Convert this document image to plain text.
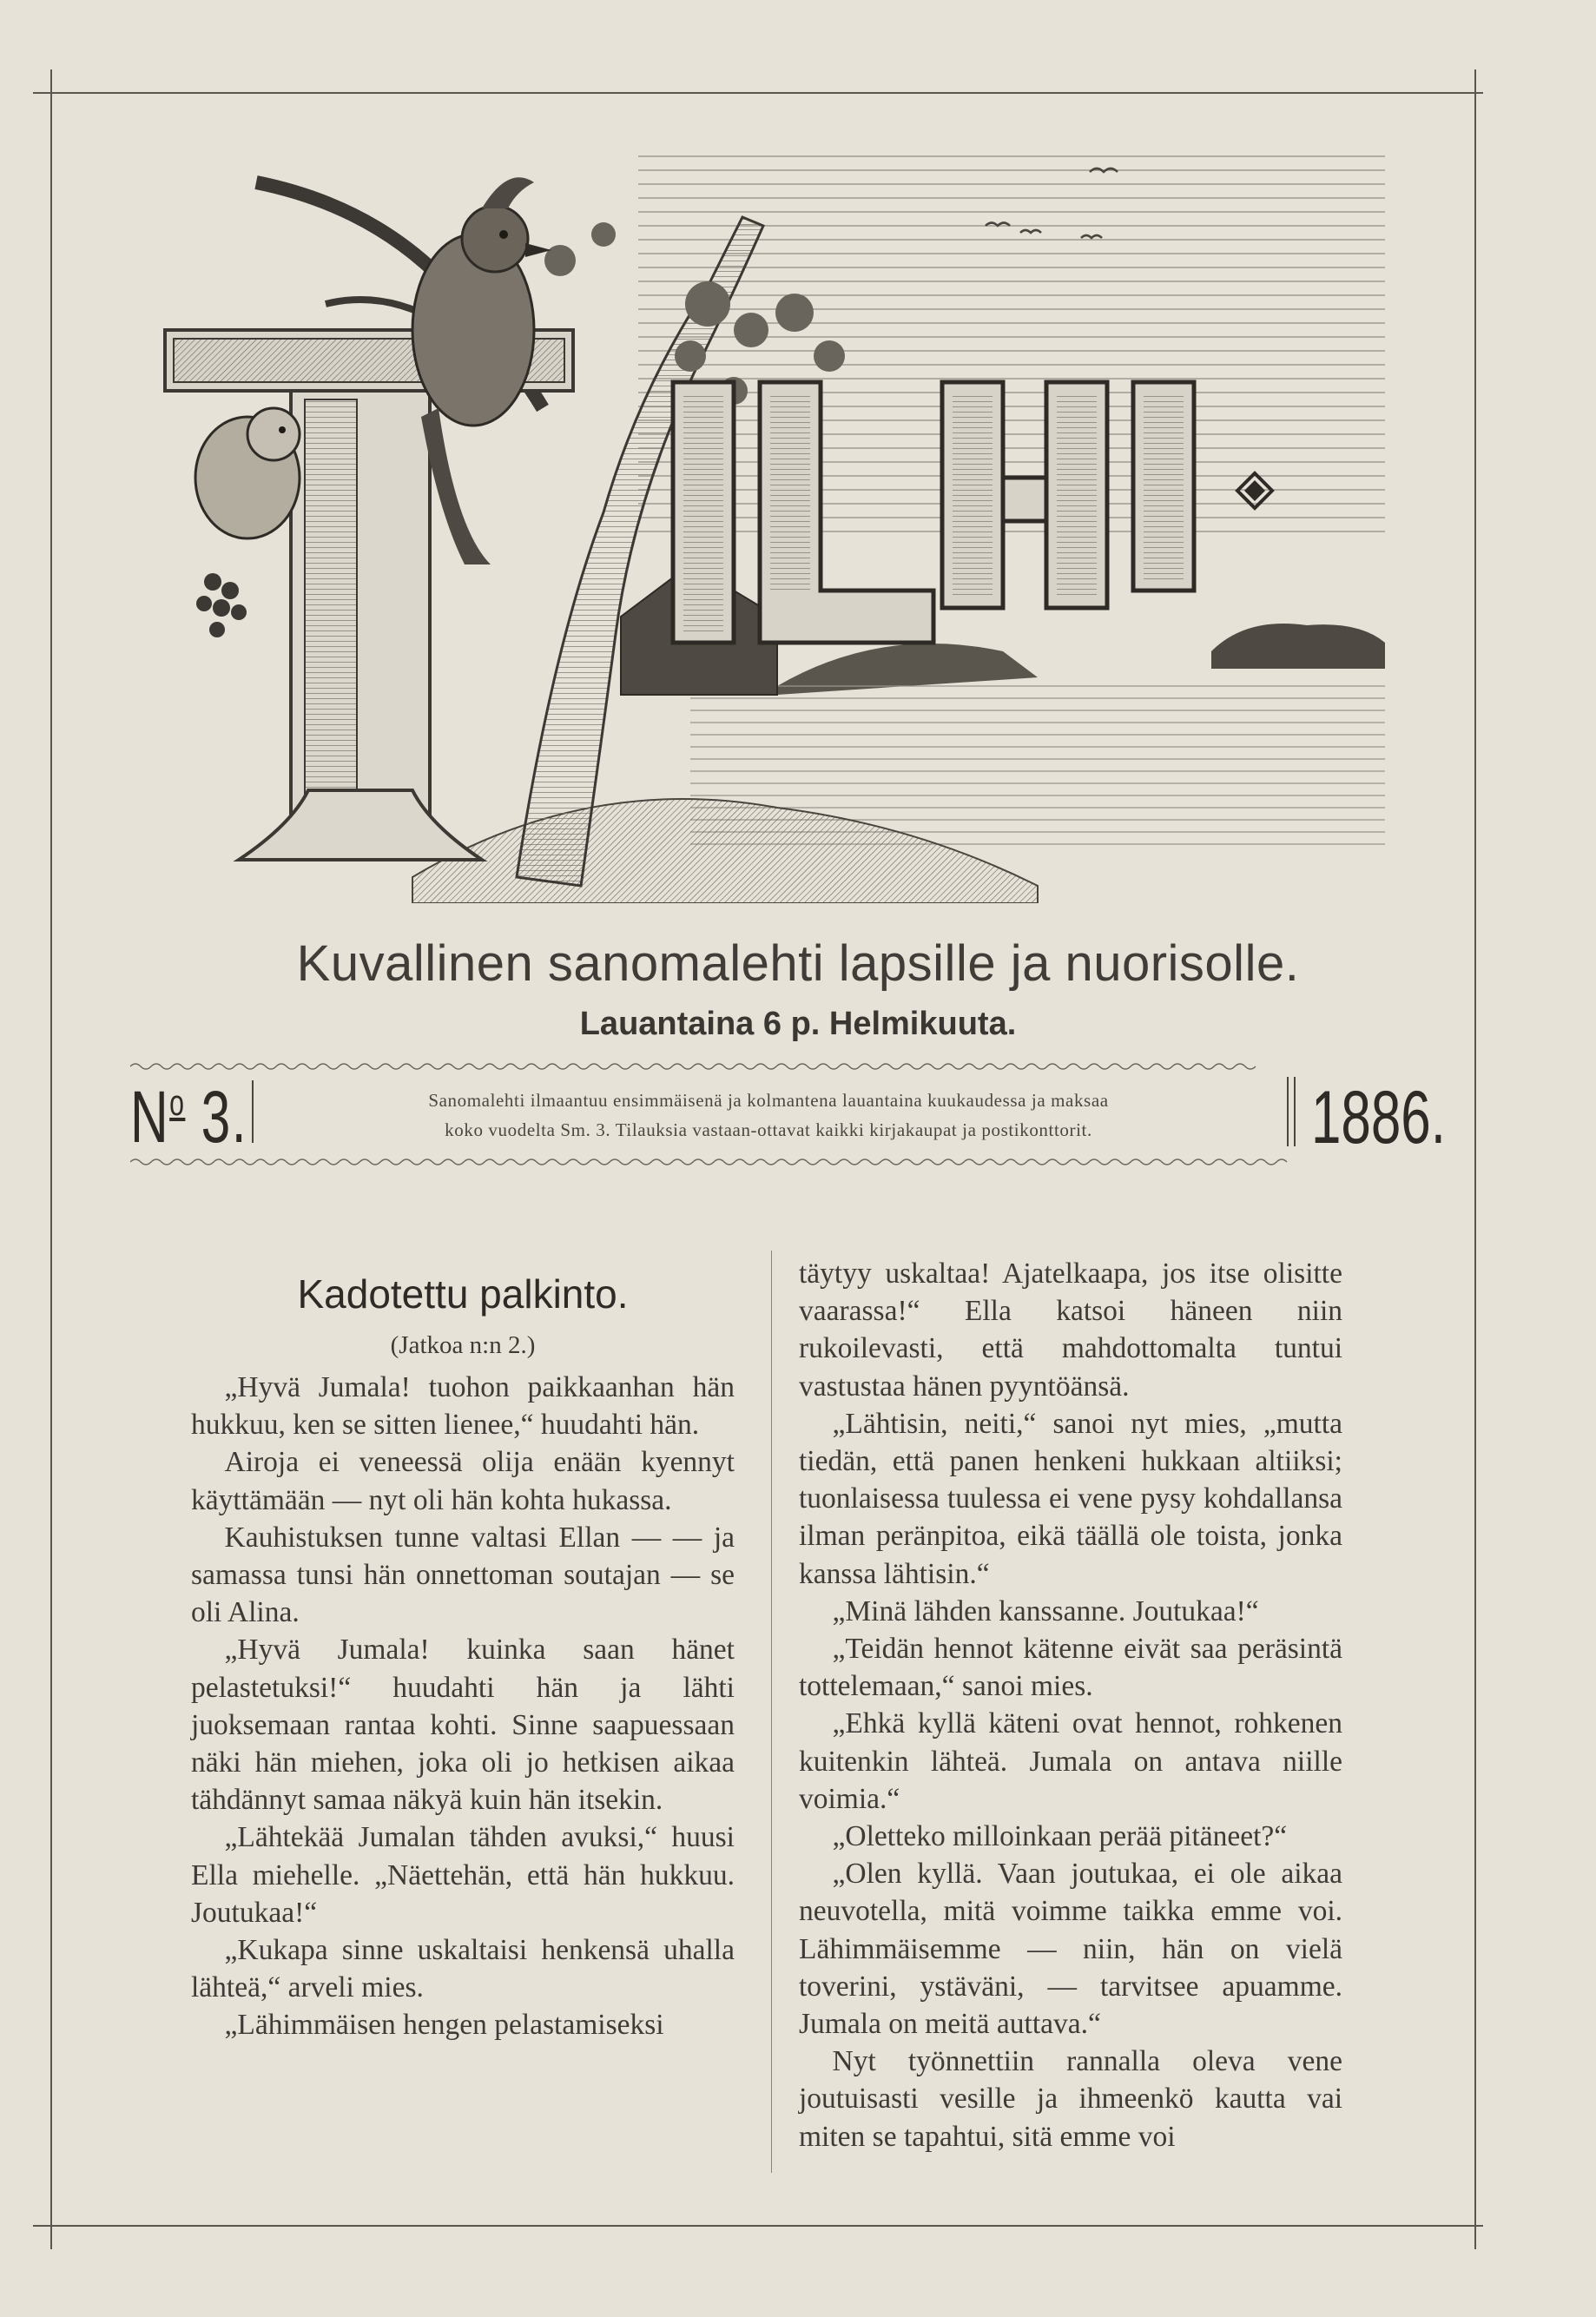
Kuvallinen sanomalehti lapsille ja nuorisolle.
Lauantaina 6 p. Helmikuuta.
$N^o$ 3.	Sanomalehti ilmaantuu ensimmäisenä ja kolmantena lauantaina kuukaudessa ja maksaa
koko vuodelta Sm. 3. Tilauksia vastaan-ottavat kaikki kirjakaupat ja postikonttorit.	1886.
Kadotettu palkinto.
(Jatkoa n:n 2.)

„Hyvä Jumala! tuohon paikkaanhan hän hukkuu, ken se sitten lienee,“ huudahti hän.

Airoja ei veneessä olija enään kyennyt käyttämään — nyt oli hän kohta hukassa.

Kauhistuksen tunne valtasi Ellan — — ja samassa tunsi hän onnettoman soutajan — se oli Alina.

„Hyvä Jumala! kuinka saan hänet pelastetuksi!“ huudahti hän ja lähti juoksemaan rantaa kohti. Sinne saapuessaan näki hän miehen, joka oli jo hetkisen aikaa tähdännyt samaa näkyä kuin hän itsekin.

„Lähtekää Jumalan tähden avuksi,“ huusi Ella miehelle. „Näettehän, että hän hukkuu. Joutukaa!“

„Kukapa sinne uskaltaisi henkensä uhalla lähteä,“ arveli mies.

„Lähimmäisen hengen pelastamiseksi

täytyy uskaltaa! Ajatelkaapa, jos itse olisitte vaarassa!“ Ella katsoi häneen niin rukoilevasti, että mahdottomalta tuntui vastustaa hänen pyyntöänsä.

„Lähtisin, neiti,“ sanoi nyt mies, „mutta tiedän, että panen henkeni hukkaan altiiksi; tuonlaisessa tuulessa ei vene pysy kohdallansa ilman peränpitoa, eikä täällä ole toista, jonka kanssa lähtisin.“

„Minä lähden kanssanne. Joutukaa!“

„Teidän hennot kätenne eivät saa peräsintä tottelemaan,“ sanoi mies.

„Ehkä kyllä käteni ovat hennot, rohkenen kuitenkin lähteä. Jumala on antava niille voimia.“

„Oletteko milloinkaan perää pitäneet?“

„Olen kyllä. Vaan joutukaa, ei ole aikaa neuvotella, mitä voimme taikka emme voi. Lähimmäisemme — niin, hän on vielä toverini, ystäväni, — tarvitsee apuamme. Jumala on meitä auttava.“

Nyt työnnettiin rannalla oleva vene joutuisasti vesille ja ihmeenkö kautta vai miten se tapahtui, sitä emme voi
